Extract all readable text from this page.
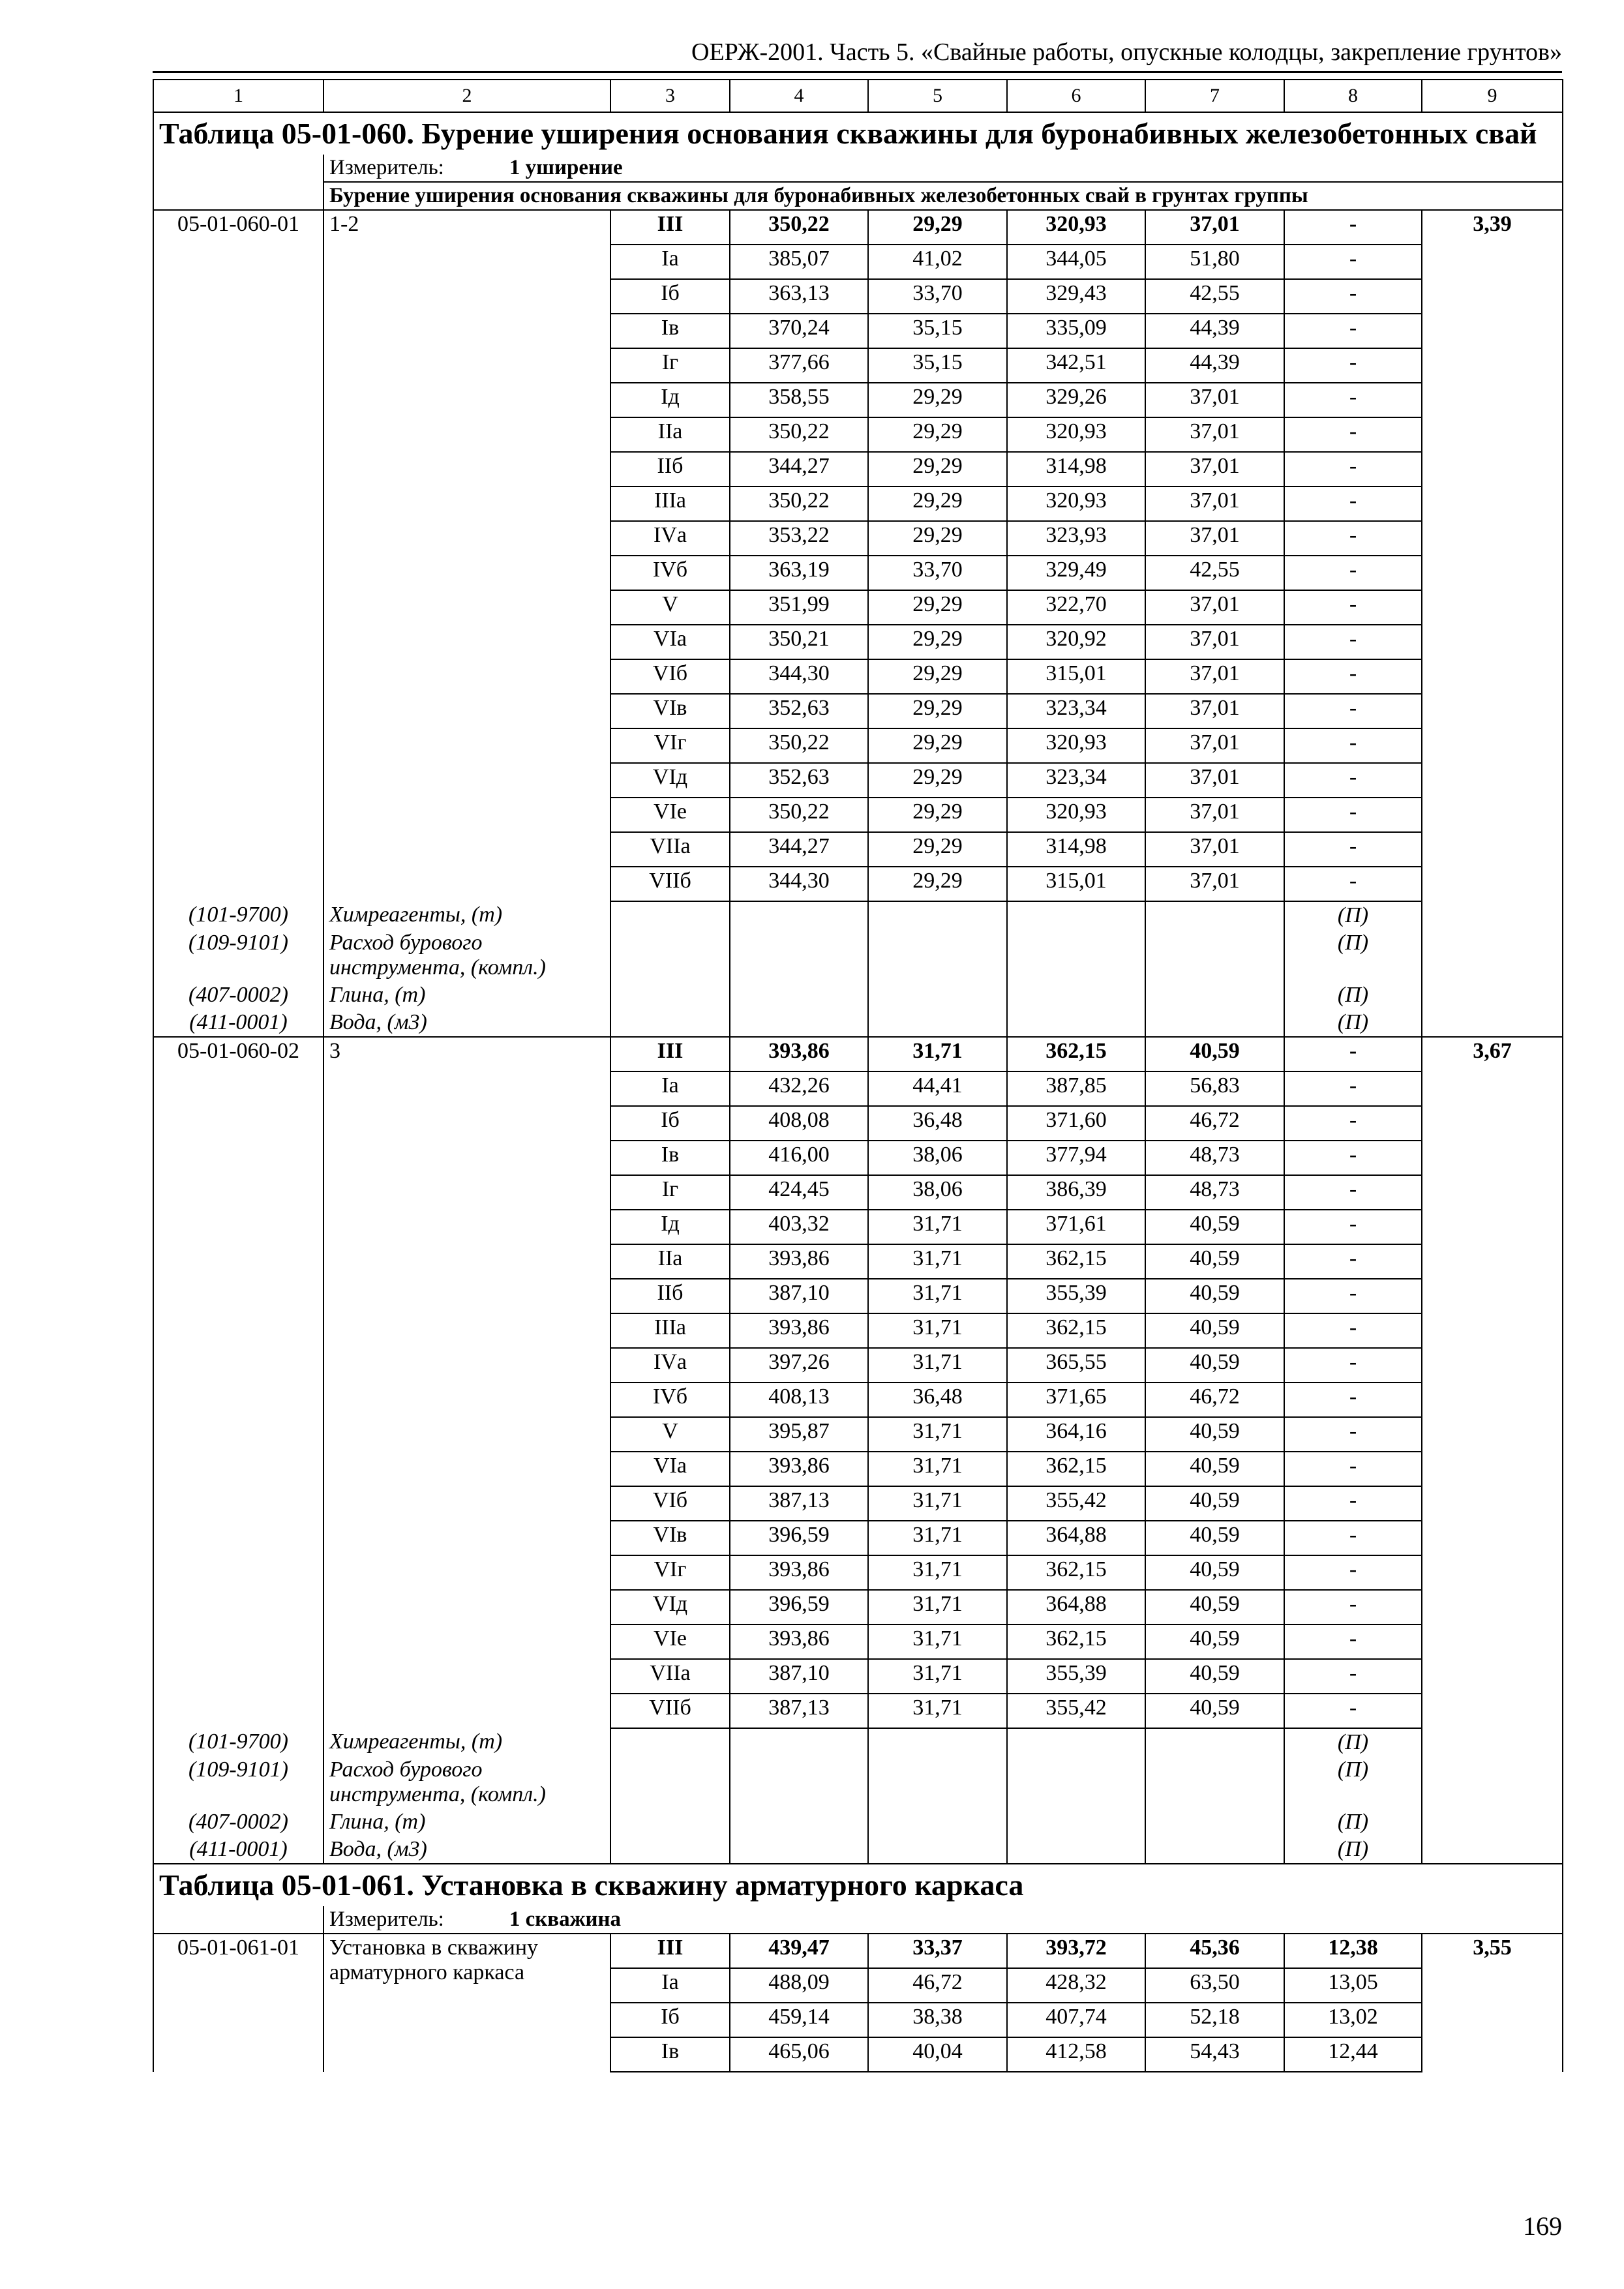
ОЕРЖ-2001. Часть 5. «Свайные работы, опускные колодцы, закрепление грунтов»
1	2	3	4	5	6	7	8	9
Таблица 05-01-060. Бурение уширения основания скважины для буронабивных железобетонных свай								
	Измеритель: 1 уширение							
	Бурение уширения основания скважины для буронабивных железобетонных свай в грунтах группы							
05-01-060-01	1-2	III	350,22	29,29	320,93	37,01	-	3,39
		Iа	385,07	41,02	344,05	51,80	-	
		Iб	363,13	33,70	329,43	42,55	-	
		Iв	370,24	35,15	335,09	44,39	-	
		Iг	377,66	35,15	342,51	44,39	-	
		Iд	358,55	29,29	329,26	37,01	-	
		IIа	350,22	29,29	320,93	37,01	-	
		IIб	344,27	29,29	314,98	37,01	-	
		IIIа	350,22	29,29	320,93	37,01	-	
		IVа	353,22	29,29	323,93	37,01	-	
		IVб	363,19	33,70	329,49	42,55	-	
		V	351,99	29,29	322,70	37,01	-	
		VIа	350,21	29,29	320,92	37,01	-	
		VIб	344,30	29,29	315,01	37,01	-	
		VIв	352,63	29,29	323,34	37,01	-	
		VIг	350,22	29,29	320,93	37,01	-	
		VIд	352,63	29,29	323,34	37,01	-	
		VIе	350,22	29,29	320,93	37,01	-	
		VIIа	344,27	29,29	314,98	37,01	-	
		VIIб	344,30	29,29	315,01	37,01	-	
(101-9700)	Химреагенты, (т)						(П)	
(109-9101)	Расход бурового инструмента, (компл.)						(П)	
(407-0002)	Глина, (т)						(П)	
(411-0001)	Вода, (м3)						(П)	
05-01-060-02	3	III	393,86	31,71	362,15	40,59	-	3,67
		Iа	432,26	44,41	387,85	56,83	-	
		Iб	408,08	36,48	371,60	46,72	-	
		Iв	416,00	38,06	377,94	48,73	-	
		Iг	424,45	38,06	386,39	48,73	-	
		Iд	403,32	31,71	371,61	40,59	-	
		IIа	393,86	31,71	362,15	40,59	-	
		IIб	387,10	31,71	355,39	40,59	-	
		IIIа	393,86	31,71	362,15	40,59	-	
		IVа	397,26	31,71	365,55	40,59	-	
		IVб	408,13	36,48	371,65	46,72	-	
		V	395,87	31,71	364,16	40,59	-	
		VIа	393,86	31,71	362,15	40,59	-	
		VIб	387,13	31,71	355,42	40,59	-	
		VIв	396,59	31,71	364,88	40,59	-	
		VIг	393,86	31,71	362,15	40,59	-	
		VIд	396,59	31,71	364,88	40,59	-	
		VIе	393,86	31,71	362,15	40,59	-	
		VIIа	387,10	31,71	355,39	40,59	-	
		VIIб	387,13	31,71	355,42	40,59	-	
(101-9700)	Химреагенты, (т)						(П)	
(109-9101)	Расход бурового инструмента, (компл.)						(П)	
(407-0002)	Глина, (т)						(П)	
(411-0001)	Вода, (м3)						(П)	
Таблица 05-01-061. Установка в скважину арматурного каркаса								
	Измеритель: 1 скважина							
05-01-061-01	Установка в скважину арматурного каркаса	III	439,47	33,37	393,72	45,36	12,38	3,55
		Iа	488,09	46,72	428,32	63,50	13,05	
		Iб	459,14	38,38	407,74	52,18	13,02	
		Iв	465,06	40,04	412,58	54,43	12,44	
169
